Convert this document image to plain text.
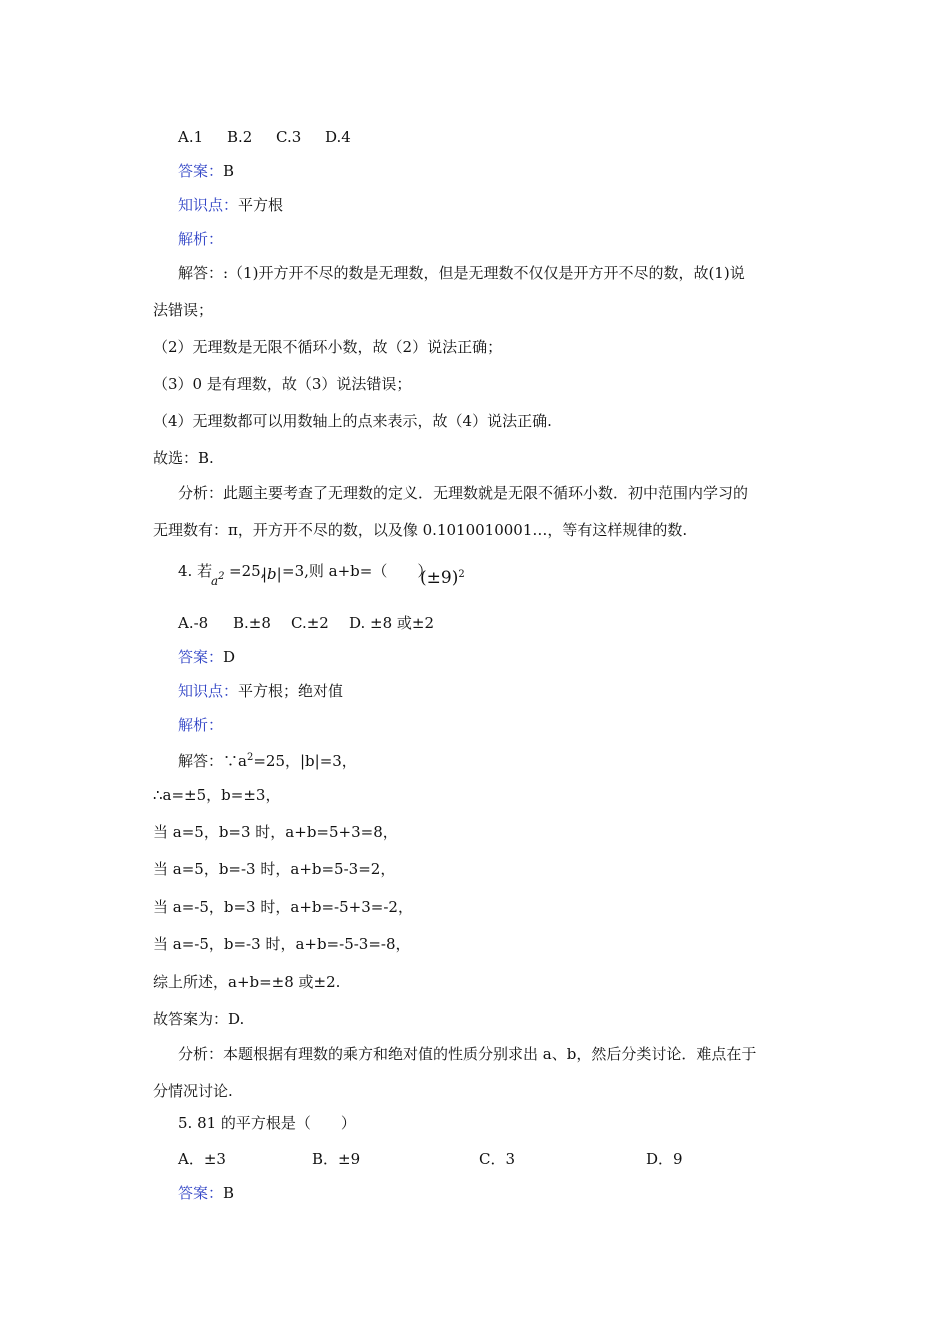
A.1 B.2 C.3 D.4
答案：B
知识点：平方根
解析：
解答：:（1)开方开不尽的数是无理数，但是无理数不仅仅是开方开不尽的数，故(1)说
法错误；
（2）无理数是无限不循环小数，故（2）说法正确；
（3）0 是有理数，故（3）说法错误；
（4）无理数都可以用数轴上的点来表示，故（4）说法正确.
故选：B.
分析：此题主要考查了无理数的定义．无理数就是无限不循环小数．初中范围内学习的
无理数有：π，开方开不尽的数，以及像 0.1010010001…，等有这样规律的数.
4. 若
$a^2 =25$,
|b| =3,则 a+b=（　　）
$(\pm 9)^2$
A.-8 B.±8 C.±2 D. ±8 或±2
答案：D
知识点：平方根；绝对值
解析：
解答：$\because a^2=25$，|b|=3，
∴a=±5，b=±3，
当 a=5，b=3 时，a+b=5+3=8，
当 a=5，b=-3 时，a+b=5-3=2，
当 a=-5，b=3 时，a+b=-5+3=-2，
当 a=-5，b=-3 时，a+b=-5-3=-8，
综上所述，a+b=±8 或±2.
故答案为：D.
分析：本题根据有理数的乘方和绝对值的性质分别求出 a、b，然后分类讨论．难点在于
分情况讨论.
5. 81 的平方根是（　　）
A．±3	B．±9	C．3	D．9
答案：B
